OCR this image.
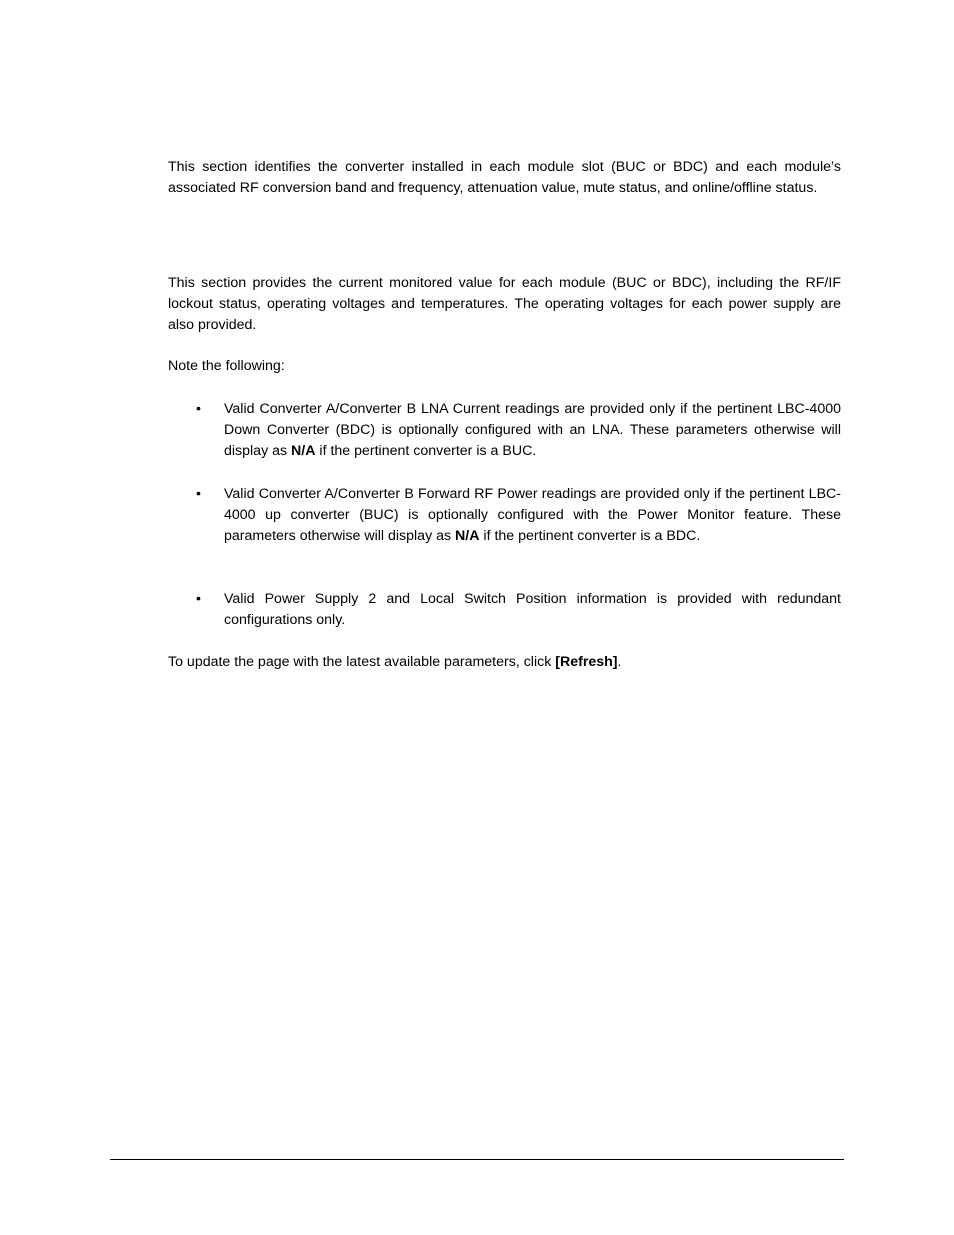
This section identifies the converter installed in each module slot (BUC or BDC) and each module’s associated RF conversion band and frequency, attenuation value, mute status, and online/offline status.

This section provides the current monitored value for each module (BUC or BDC), including the RF/IF lockout status, operating voltages and temperatures. The operating voltages for each power supply are also provided.

Note the following:

• Valid Converter A/Converter B LNA Current readings are provided only if the pertinent LBC-4000 Down Converter (BDC) is optionally configured with an LNA. These parameters otherwise will display as N/A if the pertinent converter is a BUC.

• Valid Converter A/Converter B Forward RF Power readings are provided only if the pertinent LBC-4000 up converter (BUC) is optionally configured with the Power Monitor feature. These parameters otherwise will display as N/A if the pertinent converter is a BDC.

• Valid Power Supply 2 and Local Switch Position information is provided with redundant configurations only.

To update the page with the latest available parameters, click [Refresh].
